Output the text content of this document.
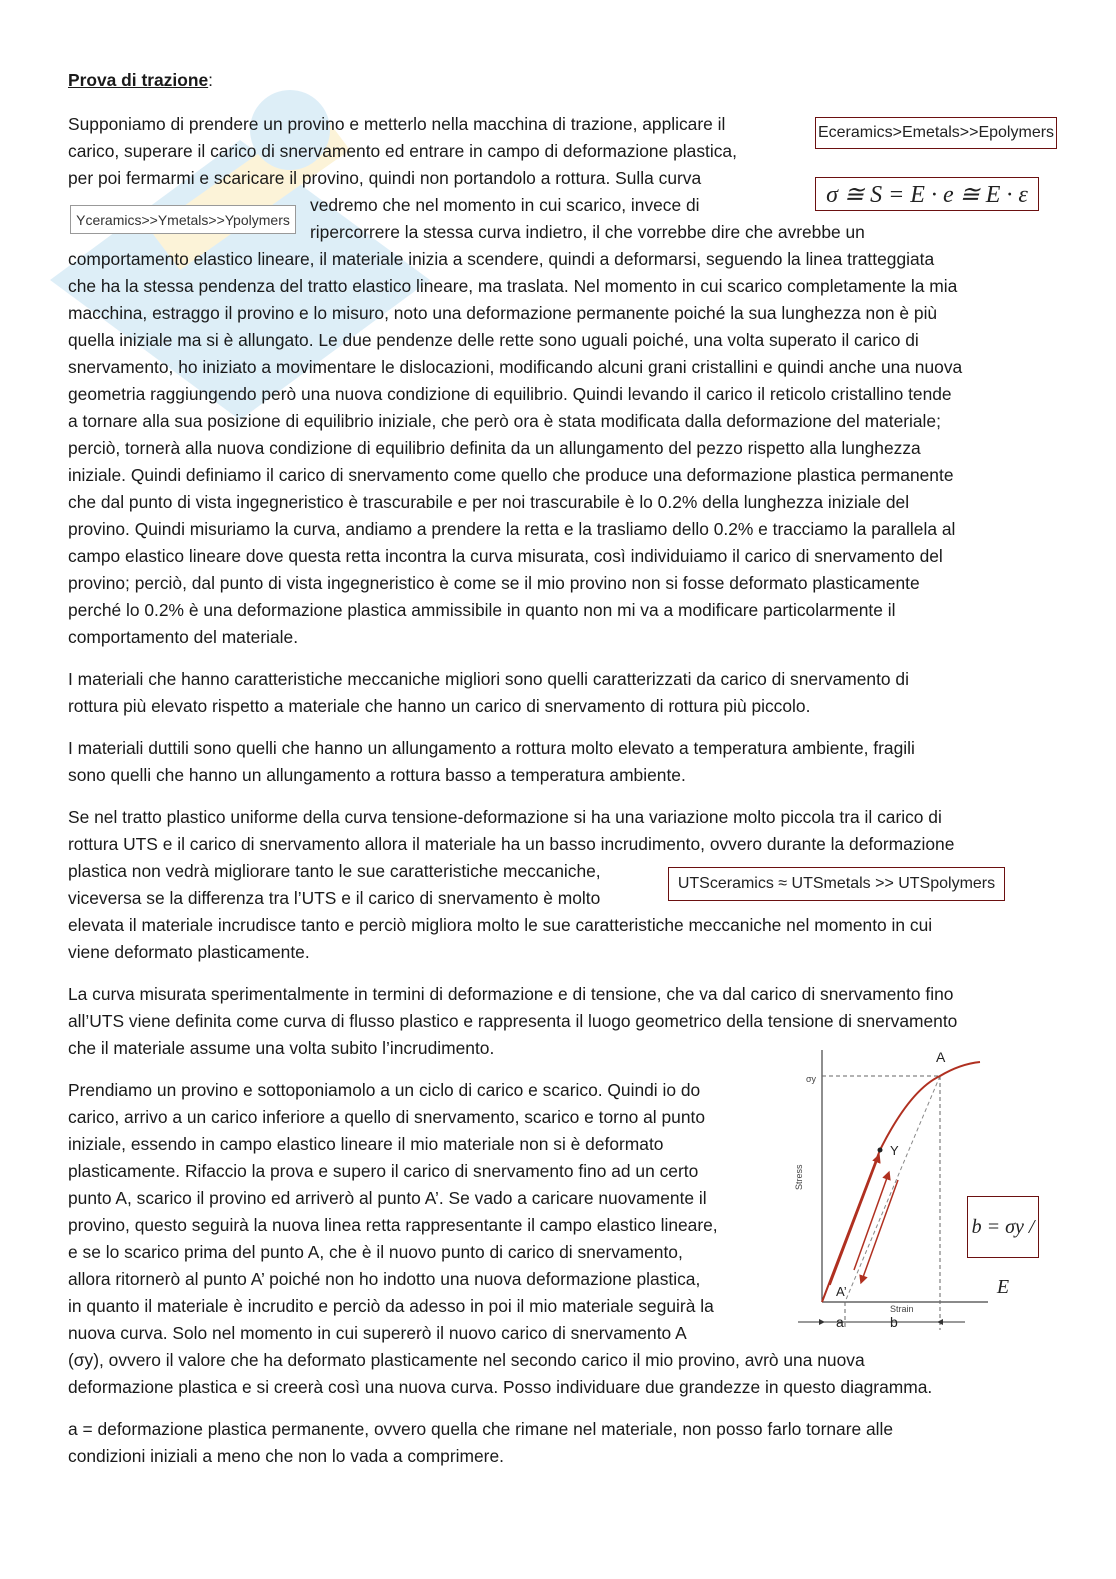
Prova di trazione:
Supponiamo di prendere un provino e metterlo nella macchina di trazione, applicare il
carico, superare il carico di snervamento ed entrare in campo di deformazione plastica,
per poi fermarmi e scaricare il provino, quindi non portandolo a rottura. Sulla curva
vedremo che nel momento in cui scarico, invece di
ripercorrere la stessa curva indietro, il che vorrebbe dire che avrebbe un
comportamento elastico lineare, il materiale inizia a scendere, quindi a deformarsi, seguendo la linea tratteggiata
che ha la stessa pendenza del tratto elastico lineare, ma traslata. Nel momento in cui scarico completamente la mia
macchina, estraggo il provino e lo misuro, noto una deformazione permanente poiché la sua lunghezza non è più
quella iniziale ma si è allungato. Le due pendenze delle rette sono uguali poiché, una volta superato il carico di
snervamento, ho iniziato a movimentare le dislocazioni, modificando alcuni grani cristallini e quindi anche una nuova
geometria raggiungendo però una nuova condizione di equilibrio. Quindi levando il carico il reticolo cristallino tende
a tornare alla sua posizione di equilibrio iniziale, che però ora è stata modificata dalla deformazione del materiale;
perciò, tornerà alla nuova condizione di equilibrio definita da un allungamento del pezzo rispetto alla lunghezza
iniziale. Quindi definiamo il carico di snervamento come quello che produce una deformazione plastica permanente
che dal punto di vista ingegneristico è trascurabile e per noi trascurabile è lo 0.2% della lunghezza iniziale del
provino. Quindi misuriamo la curva, andiamo a prendere la retta e la trasliamo dello 0.2% e tracciamo la parallela al
campo elastico lineare dove questa retta incontra la curva misurata, così individuiamo il carico di snervamento del
provino; perciò, dal punto di vista ingegneristico è come se il mio provino non si fosse deformato plasticamente
perché lo 0.2% è una deformazione plastica ammissibile in quanto non mi va a modificare particolarmente il
comportamento del materiale.
Eceramics>Emetals>>Epolymers
σ ≅ S = E · e ≅ E · ε
Yceramics>>Ymetals>>Ypolymers
I materiali che hanno caratteristiche meccaniche migliori sono quelli caratterizzati da carico di snervamento di
rottura più elevato rispetto a materiale che hanno un carico di snervamento di rottura più piccolo.
I materiali duttili sono quelli che hanno un allungamento a rottura molto elevato a temperatura ambiente, fragili
sono quelli che hanno un allungamento a rottura basso a temperatura ambiente.
Se nel tratto plastico uniforme della curva tensione-deformazione si ha una variazione molto piccola tra il carico di
rottura UTS e il carico di snervamento allora il materiale ha un basso incrudimento, ovvero durante la deformazione
plastica non vedrà migliorare tanto le sue caratteristiche meccaniche,
viceversa se la differenza tra l’UTS e il carico di snervamento è molto
elevata il materiale incrudisce tanto e perciò migliora molto le sue caratteristiche meccaniche nel momento in cui
viene deformato plasticamente.
UTSceramics ≈ UTSmetals >> UTSpolymers
La curva misurata sperimentalmente in termini di deformazione e di tensione, che va dal carico di snervamento fino
all’UTS viene definita come curva di flusso plastico e rappresenta il luogo geometrico della tensione di snervamento
che il materiale assume una volta subito l’incrudimento.
Prendiamo un provino e sottoponiamolo a un ciclo di carico e scarico. Quindi io do
carico, arrivo a un carico inferiore a quello di snervamento, scarico e torno al punto
iniziale, essendo in campo elastico lineare il mio materiale non si è deformato
plasticamente. Rifaccio la prova e supero il carico di snervamento fino ad un certo
punto A, scarico il provino ed arriverò al punto A’. Se vado a caricare nuovamente il
provino, questo seguirà la nuova linea retta rappresentante il campo elastico lineare,
e se lo scarico prima del punto A, che è il nuovo punto di carico di snervamento,
allora ritornerò al punto A’ poiché non ho indotto una nuova deformazione plastica,
in quanto il materiale è incrudito e perciò da adesso in poi il mio materiale seguirà la
nuova curva. Solo nel momento in cui supererò il nuovo carico di snervamento A
(σy), ovvero il valore che ha deformato plasticamente nel secondo carico il mio provino, avrò una nuova
deformazione plastica e si creerà così una nuova curva. Posso individuare due grandezze in questo diagramma.
a = deformazione plastica permanente, ovvero quella che rimane nel materiale, non posso farlo tornare alle
condizioni iniziali a meno che non lo vada a comprimere.
A
Y
A’
σy
Stress
Strain
a	b
b = σy / E
